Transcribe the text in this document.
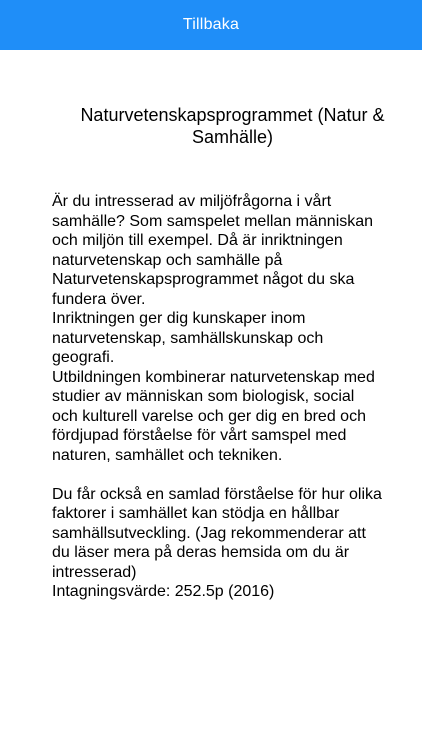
Tillbaka
Naturvetenskapsprogrammet (Natur & Samhälle)

Är du intresserad av miljöfrågorna i vårt samhälle? Som samspelet mellan människan och miljön till exempel. Då är inriktningen naturvetenskap och samhälle på Naturvetenskapsprogrammet något du ska fundera över.

Inriktningen ger dig kunskaper inom naturvetenskap, samhällskunskap och geografi.

Utbildningen kombinerar naturvetenskap med studier av människan som biologisk, social och kulturell varelse och ger dig en bred och fördjupad förståelse för vårt samspel med naturen, samhället och tekniken.

Du får också en samlad förståelse för hur olika faktorer i samhället kan stödja en hållbar samhällsutveckling. (Jag rekommenderar att du läser mera på deras hemsida om du är intresserad)

Intagningsvärde: 252.5p (2016)
